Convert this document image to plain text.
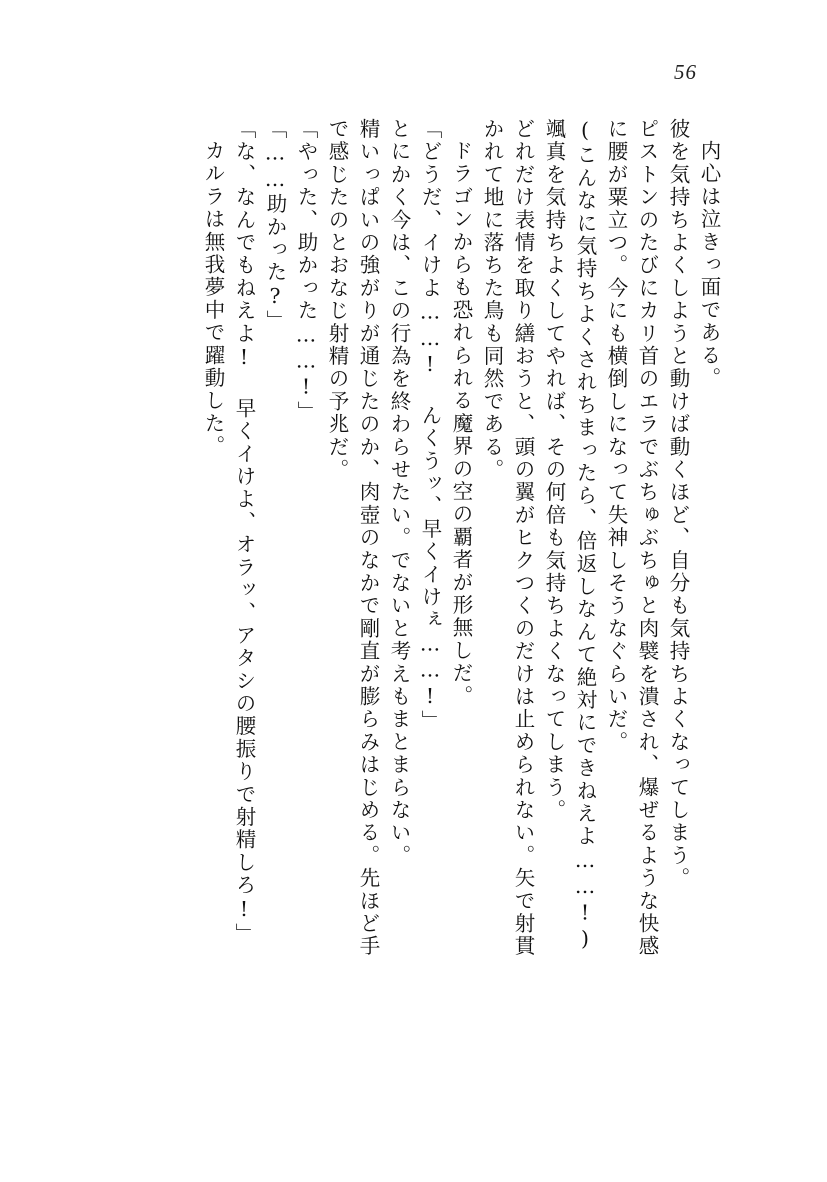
56
内心は泣きっ面である。
彼を気持ちよくしようと動けば動くほど、自分も気持ちよくなってしまう。
ピストンのたびにカリ首のエラでぶちゅぶちゅと肉襞を潰され、爆ぜるような快感
に腰が粟立つ。今にも横倒しになって失神しそうなぐらいだ。
(こんなに気持ちよくされちまったら、倍返しなんて絶対にできねえよ……!)
颯真を気持ちよくしてやれば、その何倍も気持ちよくなってしまう。
どれだけ表情を取り繕おうと、頭の翼がヒクつくのだけは止められない。矢で射貫
かれて地に落ちた鳥も同然である。
ドラゴンからも恐れられる魔界の空の覇者が形無しだ。
「どうだ、イけよ……! んくうッ、早くイけぇ……!」
とにかく今は、この行為を終わらせたい。でないと考えもまとまらない。
精いっぱいの強がりが通じたのか、肉壺のなかで剛直が膨らみはじめる。先ほど手
で感じたのとおなじ射精の予兆だ。
「やった、助かった……!」
「……助かった?」
「な、なんでもねえよ! 早くイけよ、オラッ、アタシの腰振りで射精しろ!」
カルラは無我夢中で躍動した。
